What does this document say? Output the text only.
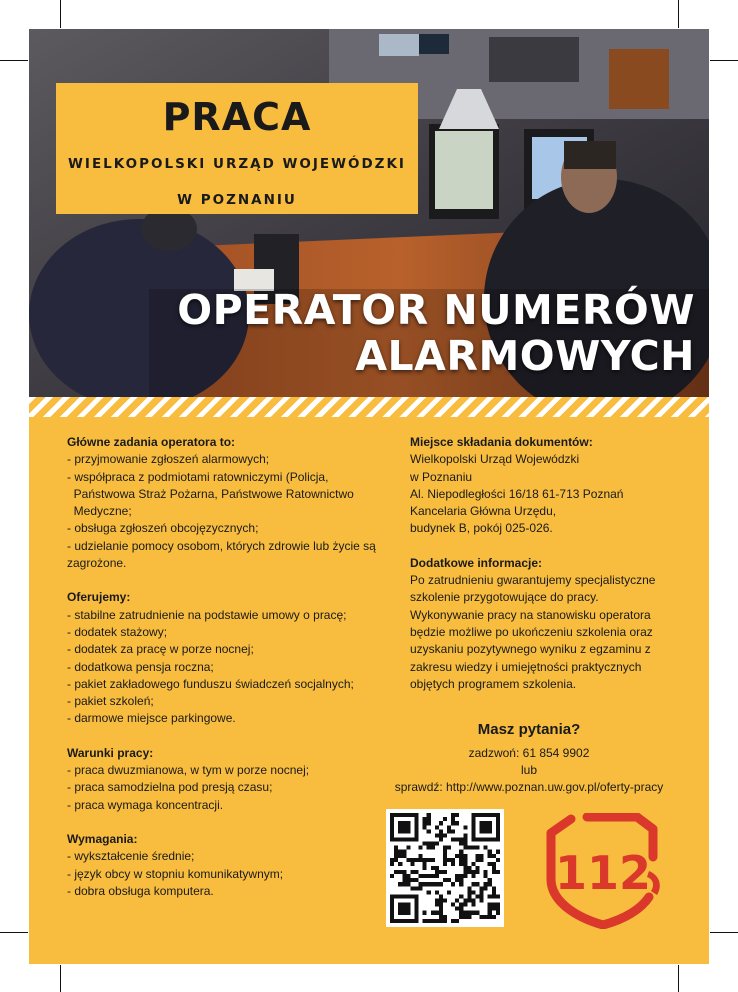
PRACA
WIELKOPOLSKI URZĄD WOJEWÓDZKI
W POZNANIU
OPERATOR NUMERÓW
ALARMOWYCH
Główne zadania operatora to:
- przyjmowanie zgłoszeń alarmowych;
- współpraca z podmiotami ratowniczymi (Policja,
Państwowa Straż Pożarna, Państwowe Ratownictwo
Medyczne;
- obsługa zgłoszeń obcojęzycznych;
- udzielanie pomocy osobom, których zdrowie lub życie są
zagrożone.
Oferujemy:
- stabilne zatrudnienie na podstawie umowy o pracę;
- dodatek stażowy;
- dodatek za pracę w porze nocnej;
- dodatkowa pensja roczna;
- pakiet zakładowego funduszu świadczeń socjalnych;
- pakiet szkoleń;
- darmowe miejsce parkingowe.
Warunki pracy:
- praca dwuzmianowa, w tym w porze nocnej;
- praca samodzielna pod presją czasu;
- praca wymaga koncentracji.
Wymagania:
- wykształcenie średnie;
- język obcy w stopniu komunikatywnym;
- dobra obsługa komputera.
Miejsce składania dokumentów:
Wielkopolski Urząd Wojewódzki
w Poznaniu
Al. Niepodległości 16/18 61-713 Poznań
Kancelaria Główna Urzędu,
budynek B, pokój 025-026.
Dodatkowe informacje:
Po zatrudnieniu gwarantujemy specjalistyczne
szkolenie przygotowujące do pracy.
Wykonywanie pracy na stanowisku operatora
będzie możliwe po ukończeniu szkolenia oraz
uzyskaniu pozytywnego wyniku z egzaminu z
zakresu wiedzy i umiejętności praktycznych
objętych programem szkolenia.
Masz pytania?
zadzwoń: 61 854 9902
lub
sprawdź: http://www.poznan.uw.gov.pl/oferty-pracy
112
